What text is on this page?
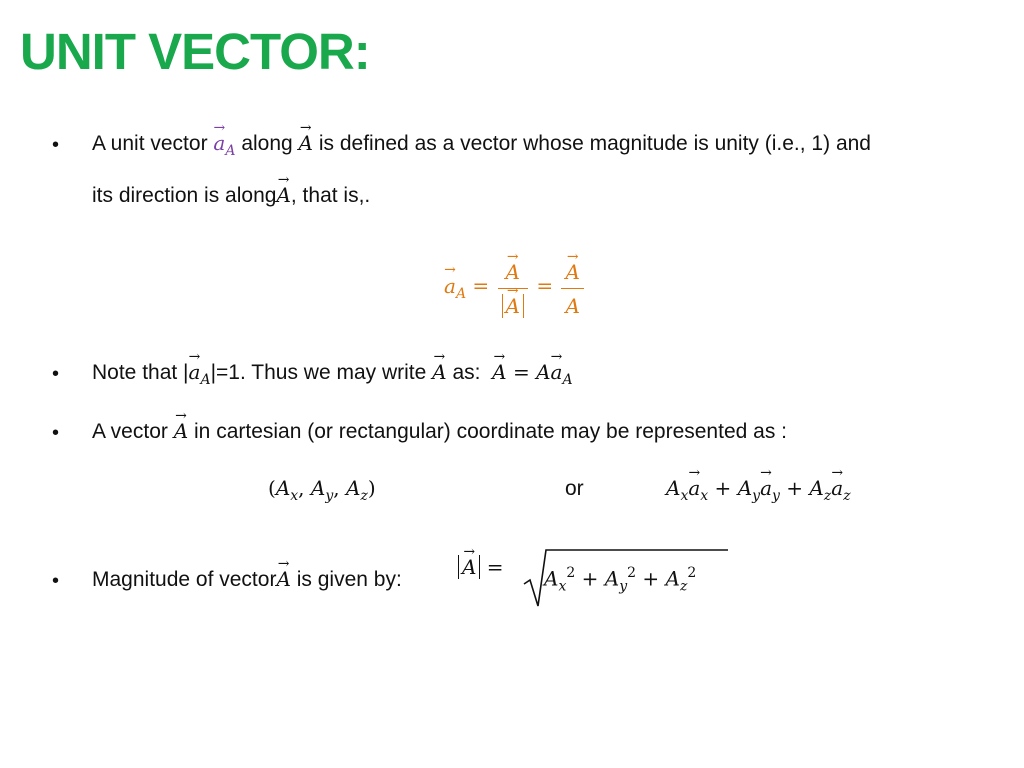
UNIT VECTOR:
• A unit vector → $a_A$ along → A is defined as a vector whose magnitude is unity (i.e., 1) and
its direction is along→ A, that is,.
→ $a_A$ = → A
→ A = → $\frac{A}{A}$
• Note that |→ $a_A|=1$. Thus we may write → A as: → $A = A\to a_A$
• A vector → A in cartesian (or rectangular) coordinate may be represented as :
($A_x$, $A_y$, $A_z$)	or	$A_x\to a_x + A_y\to a_y + A_z\to a_z$
• Magnitude of vector→ A is given by:
→ $A = A_x^2 + A_y^2 + A_z^2$
